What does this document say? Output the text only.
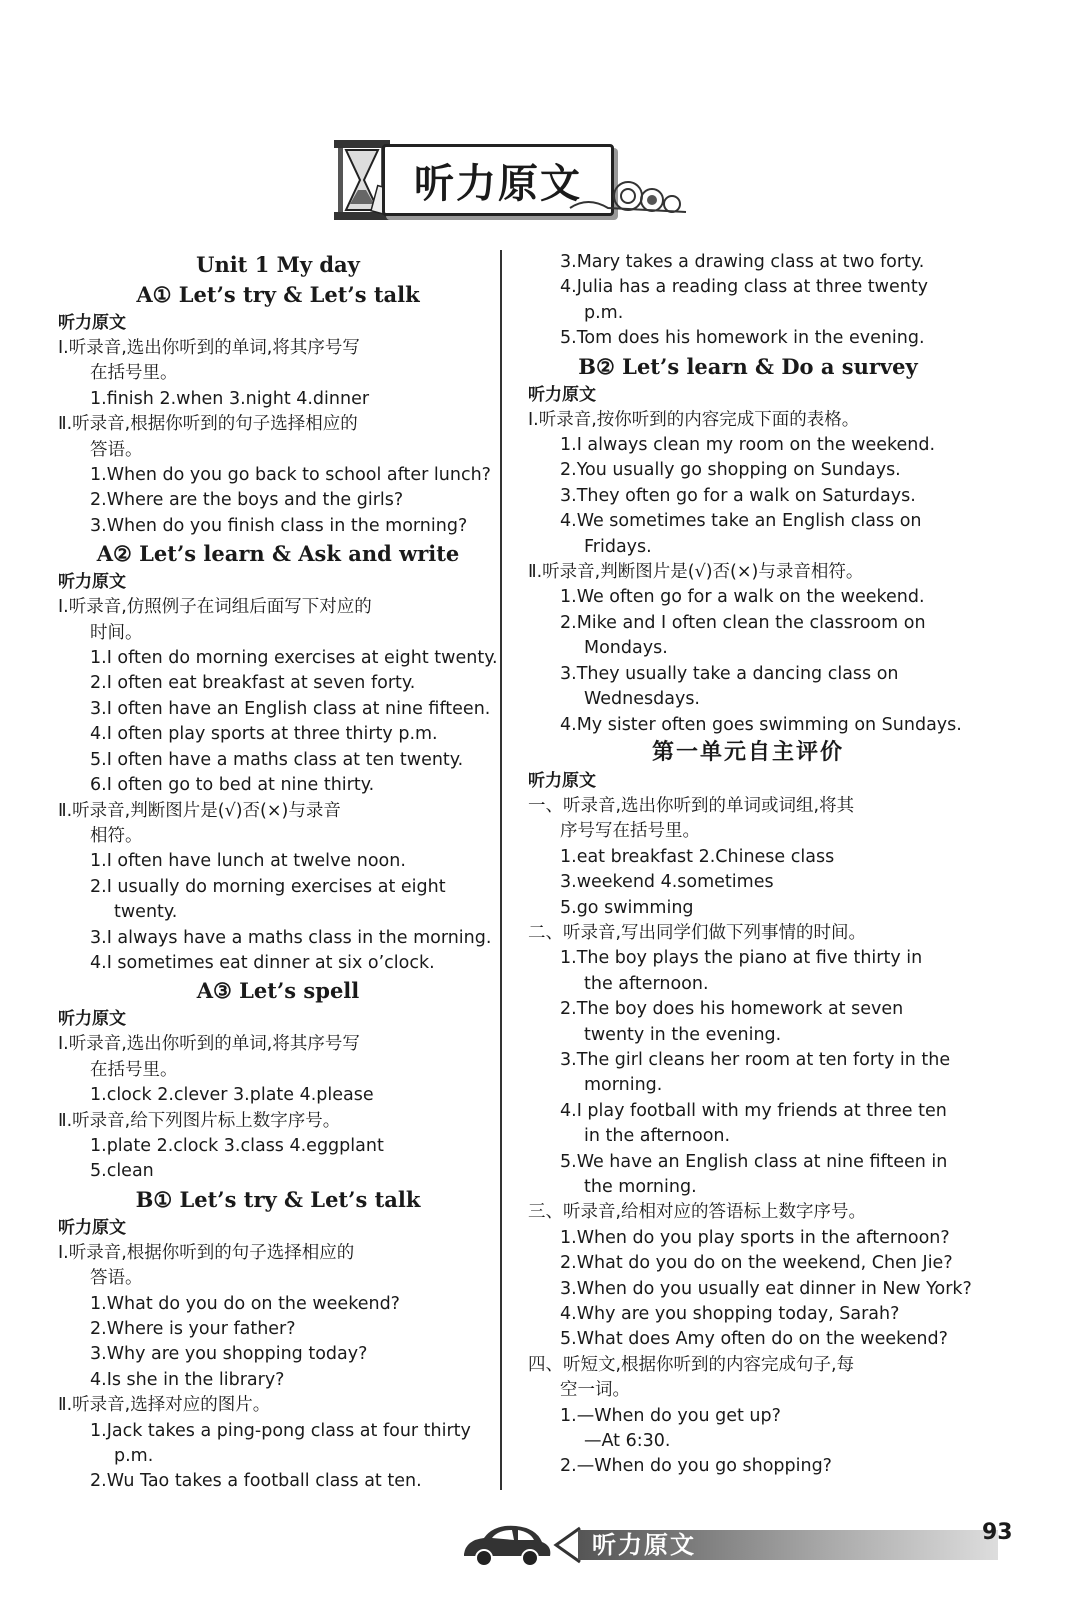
听力原文
Unit 1 My day
A① Let’s try & Let’s talk
听力原文
Ⅰ.听录音,选出你听到的单词,将其序号写
在括号里。
1.finish 2.when 3.night 4.dinner
Ⅱ.听录音,根据你听到的句子选择相应的
答语。
1.When do you go back to school after lunch?
2.Where are the boys and the girls?
3.When do you finish class in the morning?
A② Let’s learn & Ask and write
听力原文
Ⅰ.听录音,仿照例子在词组后面写下对应的
时间。
1.I often do morning exercises at eight twenty.
2.I often eat breakfast at seven forty.
3.I often have an English class at nine fifteen.
4.I often play sports at three thirty p.m.
5.I often have a maths class at ten twenty.
6.I often go to bed at nine thirty.
Ⅱ.听录音,判断图片是(√)否(×)与录音
相符。
1.I often have lunch at twelve noon.
2.I usually do morning exercises at eight
twenty.
3.I always have a maths class in the morning.
4.I sometimes eat dinner at six o’clock.
A③ Let’s spell
听力原文
Ⅰ.听录音,选出你听到的单词,将其序号写
在括号里。
1.clock 2.clever 3.plate 4.please
Ⅱ.听录音,给下列图片标上数字序号。
1.plate 2.clock 3.class 4.eggplant
5.clean
B① Let’s try & Let’s talk
听力原文
Ⅰ.听录音,根据你听到的句子选择相应的
答语。
1.What do you do on the weekend?
2.Where is your father?
3.Why are you shopping today?
4.Is she in the library?
Ⅱ.听录音,选择对应的图片。
1.Jack takes a ping-pong class at four thirty
p.m.
2.Wu Tao takes a football class at ten.
3.Mary takes a drawing class at two forty.
4.Julia has a reading class at three twenty
p.m.
5.Tom does his homework in the evening.
B② Let’s learn & Do a survey
听力原文
Ⅰ.听录音,按你听到的内容完成下面的表格。
1.I always clean my room on the weekend.
2.You usually go shopping on Sundays.
3.They often go for a walk on Saturdays.
4.We sometimes take an English class on
Fridays.
Ⅱ.听录音,判断图片是(√)否(×)与录音相符。
1.We often go for a walk on the weekend.
2.Mike and I often clean the classroom on
Mondays.
3.They usually take a dancing class on
Wednesdays.
4.My sister often goes swimming on Sundays.
第一单元自主评价
听力原文
一、听录音,选出你听到的单词或词组,将其
序号写在括号里。
1.eat breakfast 2.Chinese class
3.weekend 4.sometimes
5.go swimming
二、听录音,写出同学们做下列事情的时间。
1.The boy plays the piano at five thirty in
the afternoon.
2.The boy does his homework at seven
twenty in the evening.
3.The girl cleans her room at ten forty in the
morning.
4.I play football with my friends at three ten
in the afternoon.
5.We have an English class at nine fifteen in
the morning.
三、听录音,给相对应的答语标上数字序号。
1.When do you play sports in the afternoon?
2.What do you do on the weekend, Chen Jie?
3.When do you usually eat dinner in New York?
4.Why are you shopping today, Sarah?
5.What does Amy often do on the weekend?
四、听短文,根据你听到的内容完成句子,每
空一词。
1.—When do you get up?
—At 6:30.
2.—When do you go shopping?
听力原文	93
